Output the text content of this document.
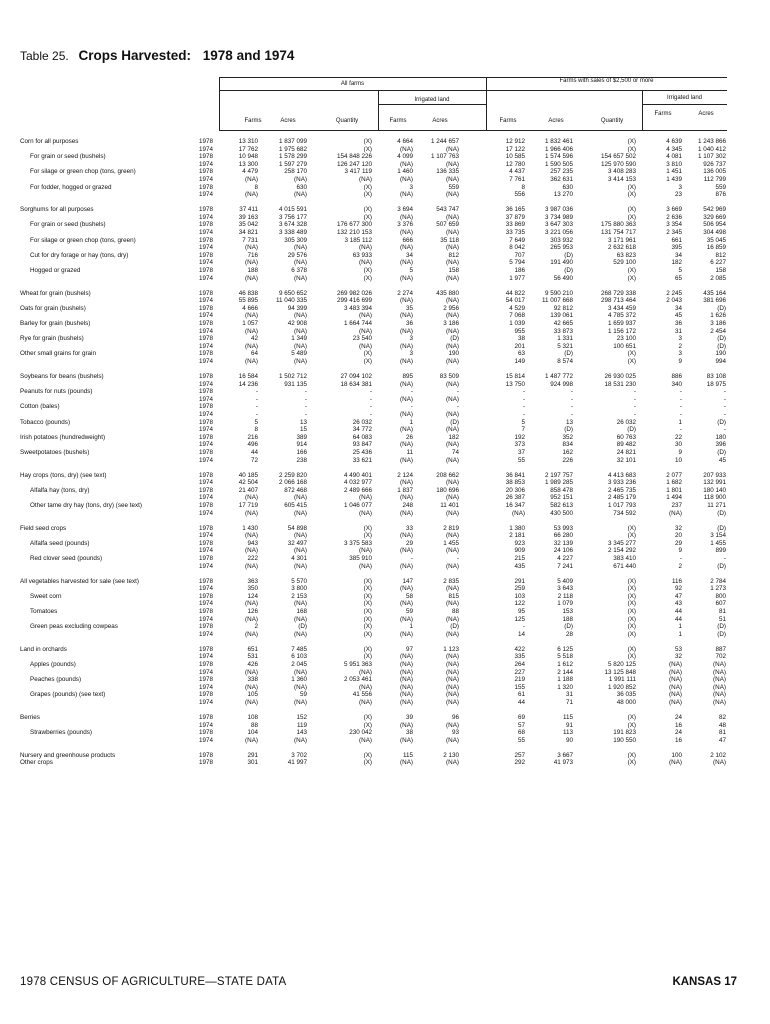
Table 25. Crops Harvested: 1978 and 1974
All farms	Farms with sales of $2,500 or more
Irrigated land	Irrigated land
Farms	Acres	Quantity	Farms	Acres	Farms	Acres	Quantity
Farms	Acres
Corn for all purposes	1978	13 310	1 837 099	(X)	4 664	1 244 657	12 912	1 832 461	(X)	4 639	1 243 866
1974	17 762	1 975 682	(X)	(NA)	(NA)	17 122	1 966 406	(X)	4 345	1 040 412
For grain or seed (bushels)	1978	10 948	1 578 299	154 848 226	4 099	1 107 763	10 585	1 574 596	154 657 502	4 081	1 107 302
1974	13 300	1 597 279	126 247 120	(NA)	(NA)	12 780	1 590 505	125 970 590	3 810	926 737
For silage or green chop (tons, green)	1978	4 479	258 170	3 417 119	1 460	136 335	4 437	257 235	3 408 283	1 451	136 005
1974	(NA)	(NA)	(NA)	(NA)	(NA)	7 761	362 631	3 414 153	1 439	112 799
For fodder, hogged or grazed	1978	8	630	(X)	3	559	8	630	(X)	3	559
1974	(NA)	(NA)	(X)	(NA)	(NA)	556	13 270	(X)	23	876
Sorghums for all purposes	1978	37 411	4 015 591	(X)	3 694	543 747	36 165	3 987 036	(X)	3 669	542 969
1974	39 163	3 756 177	(X)	(NA)	(NA)	37 879	3 734 989	(X)	2 636	329 669
For grain or seed (bushels)	1978	35 042	3 674 328	176 677 300	3 376	507 659	33 869	3 647 303	175 880 363	3 354	506 954
1974	34 821	3 338 489	132 210 153	(NA)	(NA)	33 735	3 221 056	131 754 717	2 345	304 498
For silage or green chop (tons, green)	1978	7 731	305 309	3 185 112	666	35 118	7 649	303 932	3 171 961	661	35 045
1974	(NA)	(NA)	(NA)	(NA)	(NA)	8 042	265 953	2 632 618	395	16 859
Cut for dry forage or hay (tons, dry)	1978	716	29 576	63 933	34	812	707	(D)	63 823	34	812
1974	(NA)	(NA)	(NA)	(NA)	(NA)	5 794	191 490	529 100	182	6 227
Hogged or grazed	1978	188	6 378	(X)	5	158	186	(D)	(X)	5	158
1974	(NA)	(NA)	(X)	(NA)	(NA)	1 977	56 490	(X)	65	2 085
Wheat for grain (bushels)	1978	46 838	9 650 652	269 982 026	2 274	435 880	44 822	9 590 210	268 729 338	2 245	435 164
1974	55 895	11 040 335	299 416 699	(NA)	(NA)	54 017	11 007 668	298 713 464	2 043	381 696
Oats for grain (bushels)	1978	4 666	94 399	3 483 394	35	2 956	4 529	92 812	3 434 459	34	(D)
1974	(NA)	(NA)	(NA)	(NA)	(NA)	7 068	139 061	4 785 372	45	1 626
Barley for grain (bushels)	1978	1 057	42 908	1 664 744	36	3 186	1 039	42 665	1 659 937	36	3 186
1974	(NA)	(NA)	(NA)	(NA)	(NA)	955	33 873	1 156 172	31	2 454
Rye for grain (bushels)	1978	42	1 349	23 540	3	(D)	38	1 331	23 100	3	(D)
1974	(NA)	(NA)	(NA)	(NA)	(NA)	201	5 321	100 651	2	(D)
Other small grains for grain	1978	64	5 489	(X)	3	190	63	(D)	(X)	3	190
1974	(NA)	(NA)	(X)	(NA)	(NA)	149	8 574	(X)	9	994
Soybeans for beans (bushels)	1978	16 584	1 502 712	27 094 102	895	83 509	15 814	1 487 772	26 930 025	886	83 108
1974	14 236	931 135	18 634 381	(NA)	(NA)	13 750	924 998	18 531 230	340	18 975
Peanuts for nuts (pounds)	1978	-	-	-	-	-	-	-	-	-	-
1974	-	-	-	(NA)	(NA)	-	-	-	-	-
Cotton (bales)	1978	-	-	-	-	-	-	-	-	-	-
1974	-	-	-	(NA)	(NA)	-	-	-	-	-
Tobacco (pounds)	1978	5	13	26 032	1	(D)	5	13	26 032	1	(D)
1974	8	15	34 772	(NA)	(NA)	7	(D)	(D)	-	-
Irish potatoes (hundredweight)	1978	216	389	64 083	26	182	192	352	60 763	22	180
1974	496	914	93 847	(NA)	(NA)	373	834	89 482	30	396
Sweetpotatoes (bushels)	1978	44	166	25 436	11	74	37	162	24 821	9	(D)
1974	72	238	33 621	(NA)	(NA)	55	226	32 101	10	45
Hay crops (tons, dry) (see text)	1978	40 185	2 259 820	4 490 401	2 124	208 662	36 841	2 197 757	4 413 683	2 077	207 933
1974	42 504	2 066 168	4 032 977	(NA)	(NA)	38 853	1 989 285	3 933 236	1 682	132 991
Alfalfa hay (tons, dry)	1978	21 407	872 468	2 489 666	1 837	180 696	20 306	858 478	2 465 735	1 801	180 140
1974	(NA)	(NA)	(NA)	(NA)	(NA)	26 387	952 151	2 485 179	1 494	118 900
Other tame dry hay (tons, dry) (see text)	1978	17 719	605 415	1 046 077	248	11 401	16 347	582 613	1 017 793	237	11 271
1974	(NA)	(NA)	(NA)	(NA)	(NA)	(NA)	430 500	734 592	(NA)	(D)
Field seed crops	1978	1 430	54 898	(X)	33	2 819	1 380	53 993	(X)	32	(D)
1974	(NA)	(NA)	(X)	(NA)	(NA)	2 181	66 280	(X)	20	3 154
Alfalfa seed (pounds)	1978	943	32 497	3 375 583	29	1 455	923	32 139	3 345 277	29	1 455
1974	(NA)	(NA)	(NA)	(NA)	(NA)	909	24 106	2 154 292	9	899
Red clover seed (pounds)	1978	222	4 301	385 910	-	-	215	4 227	383 410	-	-
1974	(NA)	(NA)	(NA)	(NA)	(NA)	435	7 241	671 440	2	(D)
All vegetables harvested for sale (see text)	1978	363	5 570	(X)	147	2 835	291	5 409	(X)	116	2 784
1974	350	3 800	(X)	(NA)	(NA)	259	3 643	(X)	92	1 273
Sweet corn	1978	124	2 153	(X)	58	815	103	2 118	(X)	47	800
1974	(NA)	(NA)	(X)	(NA)	(NA)	122	1 079	(X)	43	607
Tomatoes	1978	126	168	(X)	59	88	95	153	(X)	44	81
1974	(NA)	(NA)	(X)	(NA)	(NA)	125	188	(X)	44	51
Green peas excluding cowpeas	1978	2	(D)	(X)	1	(D)	-	(D)	(X)	1	(D)
1974	(NA)	(NA)	(X)	(NA)	(NA)	14	28	(X)	1	(D)
Land in orchards	1978	651	7 485	(X)	97	1 123	422	6 125	(X)	53	887
1974	531	6 103	(X)	(NA)	(NA)	335	5 518	(X)	32	702
Apples (pounds)	1978	426	2 045	5 951 363	(NA)	(NA)	264	1 612	5 820 125	(NA)	(NA)
1974	(NA)	(NA)	(NA)	(NA)	(NA)	227	2 144	13 125 848	(NA)	(NA)
Peaches (pounds)	1978	338	1 360	2 053 461	(NA)	(NA)	219	1 188	1 991 111	(NA)	(NA)
1974	(NA)	(NA)	(NA)	(NA)	(NA)	155	1 320	1 920 852	(NA)	(NA)
Grapes (pounds) (see text)	1978	105	59	41 556	(NA)	(NA)	61	31	36 035	(NA)	(NA)
1974	(NA)	(NA)	(NA)	(NA)	(NA)	44	71	48 000	(NA)	(NA)
Berries	1978	108	152	(X)	39	96	69	115	(X)	24	82
1974	88	119	(X)	(NA)	(NA)	57	91	(X)	16	48
Strawberries (pounds)	1978	104	143	230 042	38	93	68	113	191 823	24	81
1974	(NA)	(NA)	(NA)	(NA)	(NA)	55	90	190 550	16	47
Nursery and greenhouse products	1978	291	3 702	(X)	115	2 130	257	3 667	(X)	100	2 102
Other crops	1978	301	41 997	(X)	(NA)	(NA)	292	41 973	(X)	(NA)	(NA)
1978 CENSUS OF AGRICULTURE—STATE DATA	KANSAS 17
